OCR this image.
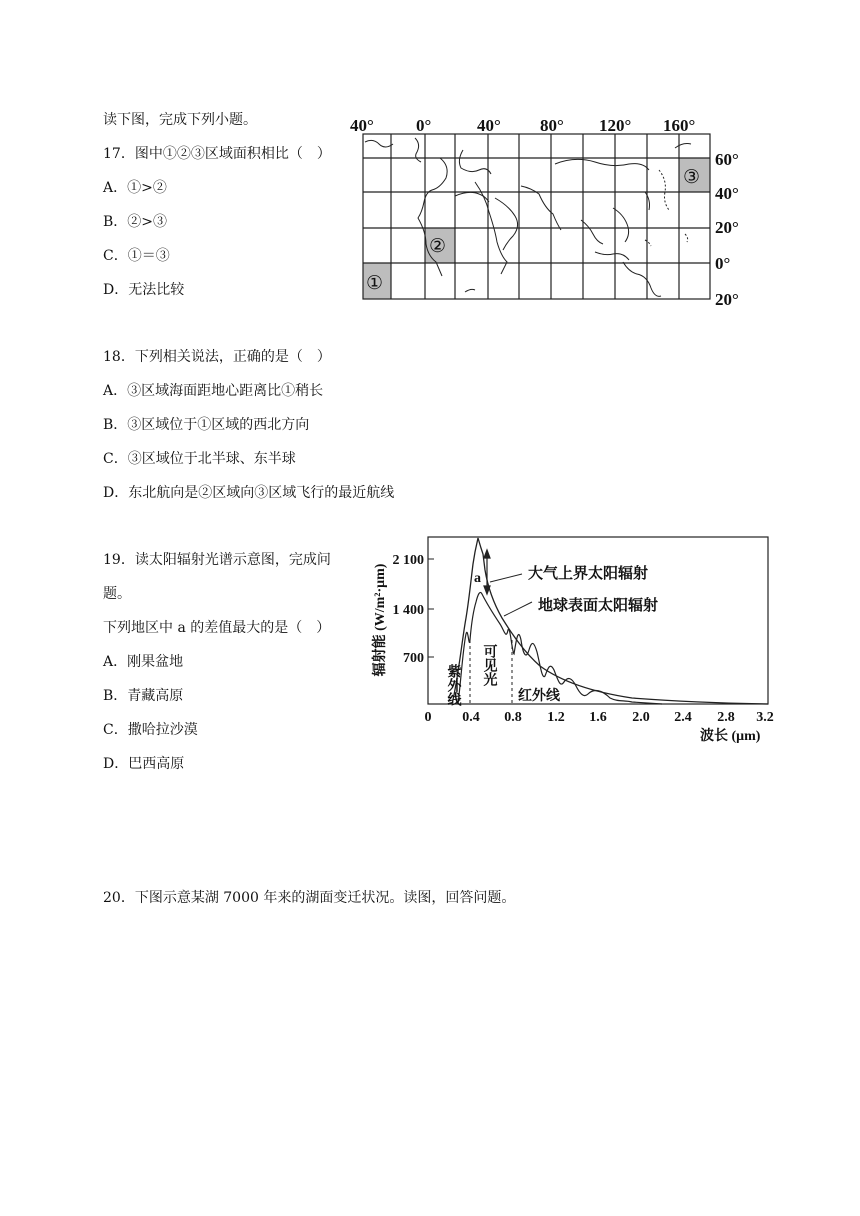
读下图，完成下列小题。
17．图中①②③区域面积相比（　）
A．①>②
B．②>③
C．①＝③
D．无法比较
18．下列相关说法，正确的是（　）
A．③区域海面距地心距离比①稍长
B．③区域位于①区域的西北方向
C．③区域位于北半球、东半球
D．东北航向是②区域向③区域飞行的最近航线
19．读太阳辐射光谱示意图，完成问
题。
下列地区中 a 的差值最大的是（　）
A．刚果盆地
B．青藏高原
C．撒哈拉沙漠
D．巴西高原
20．下图示意某湖 7000 年来的湖面变迁状况。读图，回答问题。
40° 0°	40° 80° 120° 160°
60°
40°
20°
0°
20°
①
②
③
辐射能 (W/m²·μm)
2 100
1 400
700
0 0.4 0.8 1.2 1.6 2.0 2.4 2.8 3.2
波长 (μm)
a	大气上界太阳辐射
地球表面太阳辐射
紫外线 可见光
红外线
